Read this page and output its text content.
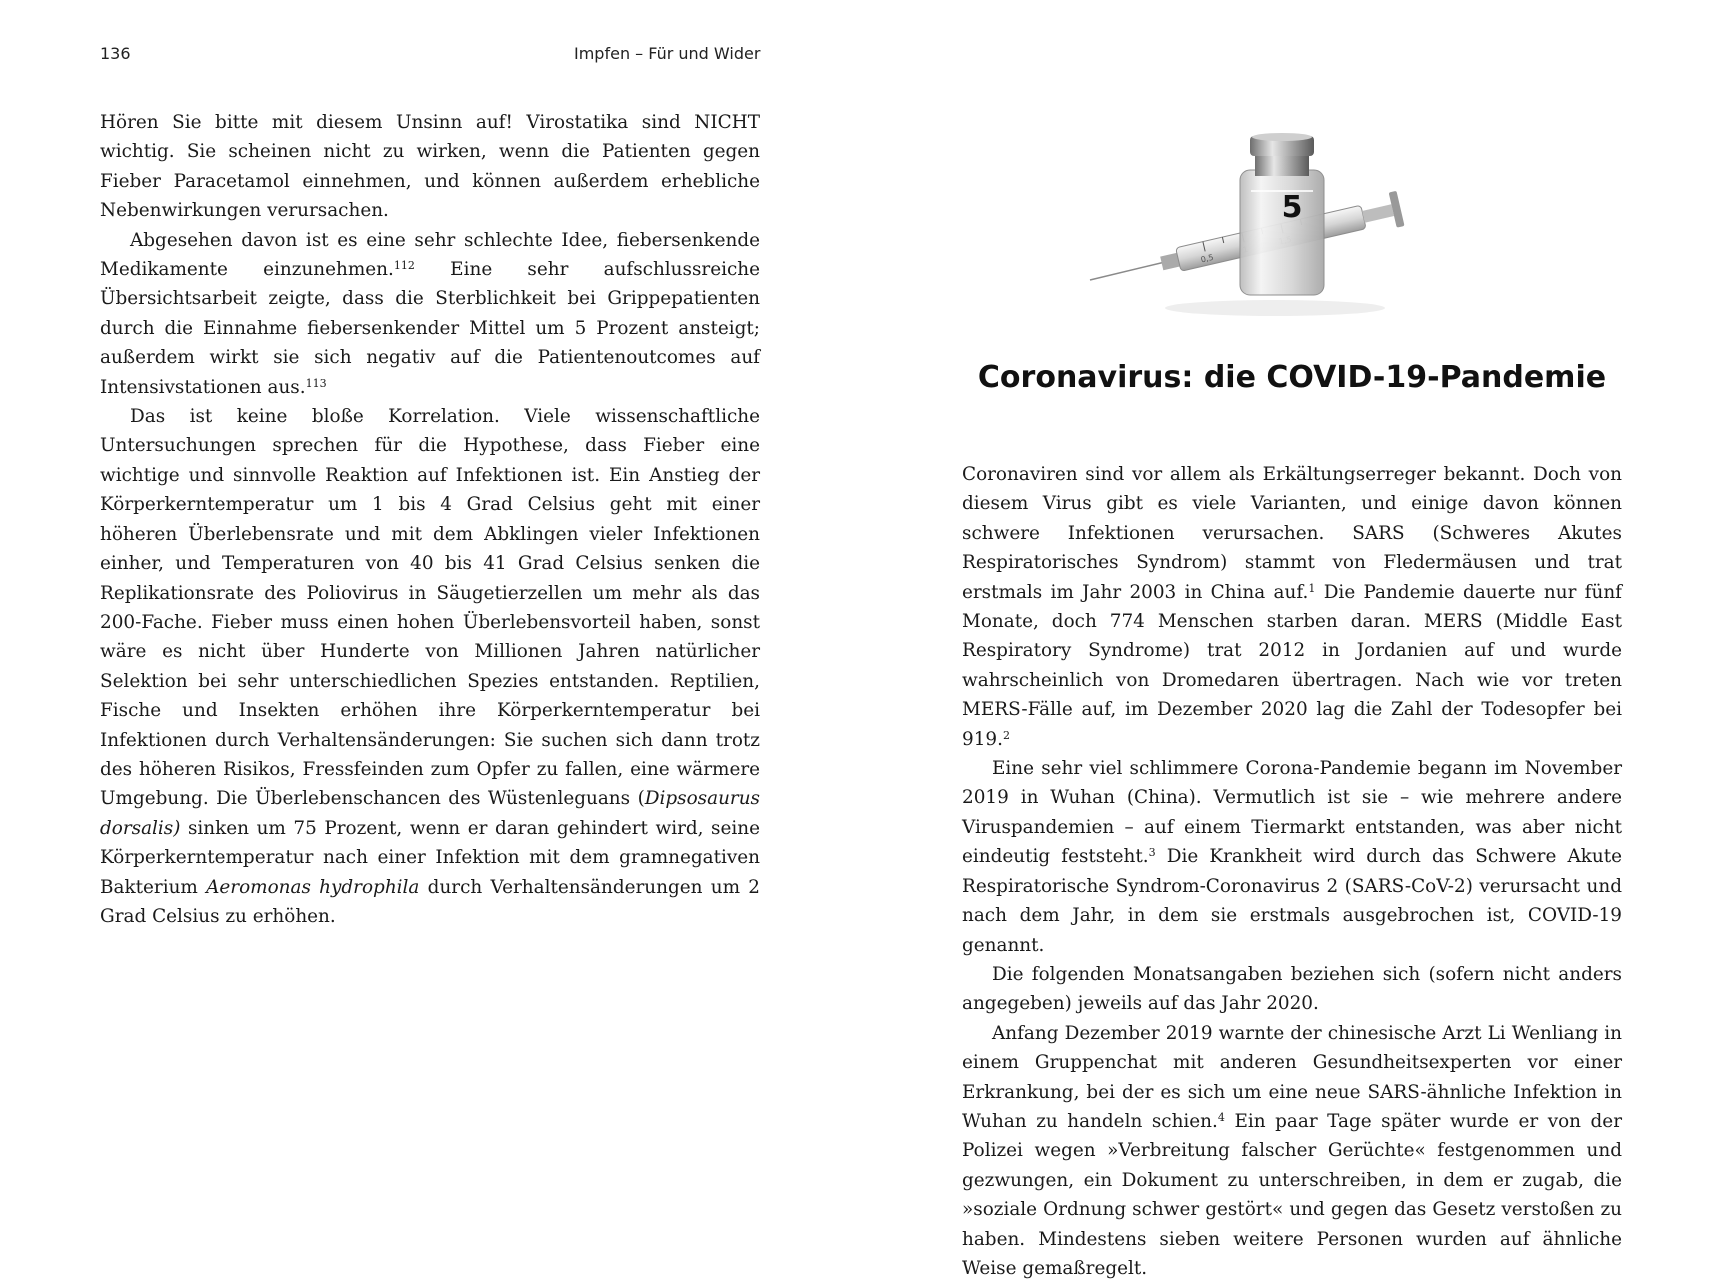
136	Impfen – Für und Wider

Hören Sie bitte mit diesem Unsinn auf! Virostatika sind NICHT wichtig. Sie scheinen nicht zu wirken, wenn die Patienten gegen Fieber Paracetamol einnehmen, und können außerdem erhebliche Nebenwirkungen verursachen.

Abgesehen davon ist es eine sehr schlechte Idee, fiebersenkende Medikamente einzunehmen.$^{112}$ Eine sehr aufschlussreiche Übersichtsarbeit zeigte, dass die Sterblichkeit bei Grippepatienten durch die Einnahme fiebersenkender Mittel um 5 Prozent ansteigt; außerdem wirkt sie sich negativ auf die Patientenoutcomes auf Intensivstationen aus.$^{113}$

Das ist keine bloße Korrelation. Viele wissenschaftliche Untersuchungen sprechen für die Hypothese, dass Fieber eine wichtige und sinnvolle Reaktion auf Infektionen ist. Ein Anstieg der Körperkerntemperatur um 1 bis 4 Grad Celsius geht mit einer höheren Überlebensrate und mit dem Abklingen vieler Infektionen einher, und Temperaturen von 40 bis 41 Grad Celsius senken die Replikationsrate des Poliovirus in Säugetierzellen um mehr als das 200-Fache. Fieber muss einen hohen Überlebensvorteil haben, sonst wäre es nicht über Hunderte von Millionen Jahren natürlicher Selektion bei sehr unterschiedlichen Spezies entstanden. Reptilien, Fische und Insekten erhöhen ihre Körperkerntemperatur bei Infektionen durch Verhaltensänderungen: Sie suchen sich dann trotz des höheren Risikos, Fressfeinden zum Opfer zu fallen, eine wärmere Umgebung. Die Überlebenschancen des Wüstenleguans (Dipsosaurus dorsalis) sinken um 75 Prozent, wenn er daran gehindert wird, seine Körperkerntemperatur nach einer Infektion mit dem gramnegativen Bakterium Aeromonas hydrophila durch Verhaltensänderungen um 2 Grad Celsius zu erhöhen.

0,5
5
Coronavirus: die COVID-19-Pandemie

Coronaviren sind vor allem als Erkältungserreger bekannt. Doch von diesem Virus gibt es viele Varianten, und einige davon können schwere Infektionen verursachen. SARS (Schweres Akutes Respiratorisches Syndrom) stammt von Fledermäusen und trat erstmals im Jahr 2003 in China auf.$^1$ Die Pandemie dauerte nur fünf Monate, doch 774 Menschen starben daran. MERS (Middle East Respiratory Syndrome) trat 2012 in Jordanien auf und wurde wahrscheinlich von Dromedaren übertragen. Nach wie vor treten MERS-Fälle auf, im Dezember 2020 lag die Zahl der Todesopfer bei 919.$^2$

Eine sehr viel schlimmere Corona-Pandemie begann im November 2019 in Wuhan (China). Vermutlich ist sie – wie mehrere andere Viruspandemien – auf einem Tiermarkt entstanden, was aber nicht eindeutig feststeht.$^3$ Die Krankheit wird durch das Schwere Akute Respiratorische Syndrom-Coronavirus 2 (SARS-CoV-2) verursacht und nach dem Jahr, in dem sie erstmals ausgebrochen ist, COVID-19 genannt.

Die folgenden Monatsangaben beziehen sich (sofern nicht anders angegeben) jeweils auf das Jahr 2020.

Anfang Dezember 2019 warnte der chinesische Arzt Li Wenliang in einem Gruppenchat mit anderen Gesundheitsexperten vor einer Erkrankung, bei der es sich um eine neue SARS-ähnliche Infektion in Wuhan zu handeln schien.$^4$ Ein paar Tage später wurde er von der Polizei wegen »Verbreitung falscher Gerüchte« festgenommen und gezwungen, ein Dokument zu unterschreiben, in dem er zugab, die »soziale Ordnung schwer gestört« und gegen das Gesetz verstoßen zu haben. Mindestens sieben weitere Personen wurden auf ähnliche Weise gemaßregelt.
